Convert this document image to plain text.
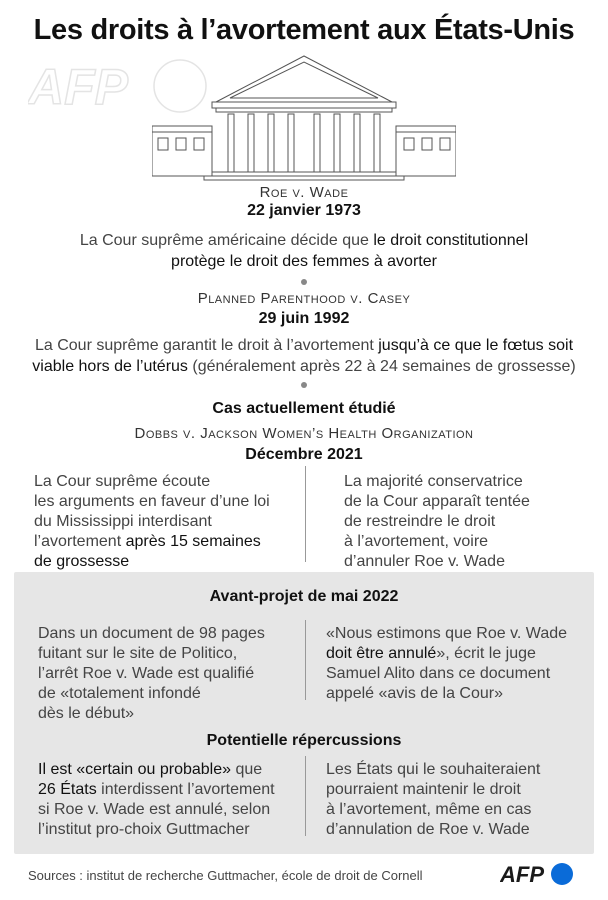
Les droits à l’avortement aux États-Unis
AFP
Roe v. Wade
22 janvier 1973
La Cour suprême américaine décide que le droit constitutionnel
protège le droit des femmes à avorter
Planned Parenthood v. Casey
29 juin 1992
La Cour suprême garantit le droit à l’avortement jusqu’à ce que le fœtus soit
viable hors de l’utérus (généralement après 22 à 24 semaines de grossesse)
Cas actuellement étudié
Dobbs v. Jackson Women’s Health Organization
Décembre 2021
La Cour suprême écoute
les arguments en faveur d’une loi
du Mississippi interdisant
l’avortement après 15 semaines
de grossesse
La majorité conservatrice
de la Cour apparaît tentée
de restreindre le droit
à l’avortement, voire
d’annuler Roe v. Wade
Avant-projet de mai 2022
Dans un document de 98 pages
fuitant sur le site de Politico,
l’arrêt Roe v. Wade est qualifié
de «totalement infondé
dès le début»
«Nous estimons que Roe v. Wade
doit être annulé», écrit le juge
Samuel Alito dans ce document
appelé «avis de la Cour»
Potentielle répercussions
Il est «certain ou probable» que
26 États interdissent l’avortement
si Roe v. Wade est annulé, selon
l’institut pro-choix Guttmacher
Les États qui le souhaiteraient
pourraient maintenir le droit
à l’avortement, même en cas
d’annulation de Roe v. Wade
Sources : institut de recherche Guttmacher, école de droit de Cornell	AFP
